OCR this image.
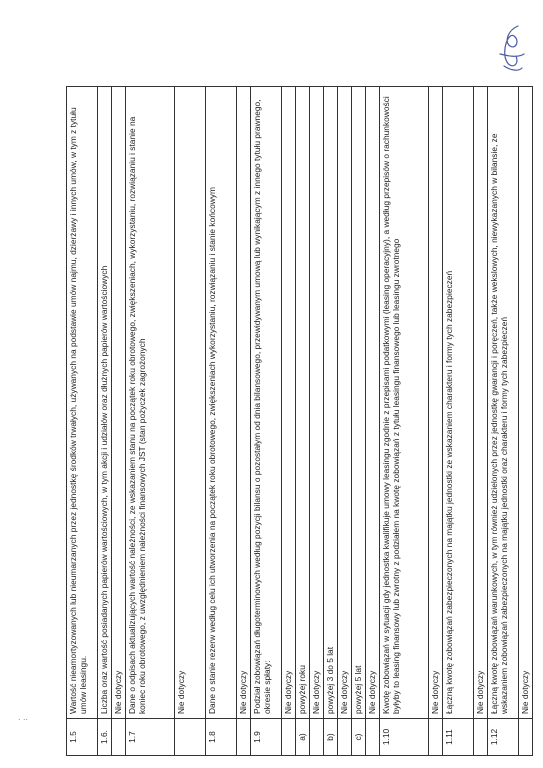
. ..
1.5	Wartość nieamortyzowanych lub nieumarzanych przez jednostkę środków trwałych, używanych na podstawie umów najmu, dzierżawy i innych umów, w tym z tytułu umów leasingu.
1.6.	Liczba oraz wartość posiadanych papierów wartościowych, w tym akcji i udziałów oraz dłużnych papierów wartościowych
	Nie dotyczy
1.7	Dane o odpisach aktualizujących wartość należności, ze wskazaniem stanu na początek roku obrotowego, zwiększeniach, wykorzystaniu, rozwiązaniu i stanie na koniec roku obrotowego, z uwzględnieniem należności finansowych JST (stan pożyczek zagrożonych
	Nie dotyczy
1.8	Dane o stanie rezerw według celu ich utworzenia na początek roku obrotowego, zwiększeniach wykorzystaniu, rozwiązaniu i stanie końcowym
	Nie dotyczy
1.9	Podział zobowiązań długoterminowych według pozycji bilansu o pozostałym od dnia bilansowego, przewidywanym umową lub wynikającym z innego tytułu prawnego, okresie spłaty:
	Nie dotyczy
a)	powyżej roku
	Nie dotyczy
b)	powyżej 3 do 5 lat
	Nie dotyczy
c)	powyżej 5 lat
	Nie dotyczy
1.10	Kwotę zobowiązań w sytuacji gdy jednostka kwalifikuje umowy leasingu zgodnie z przepisami podatkowymi (leasing operacyjny), a według przepisów o rachunkowości byłyby to leasing finansowy lub zwrotny z podziałem na kwotę zobowiązań z tytułu leasingu finansowego lub leasingu zwrotnego
	Nie dotyczy
1.11	Łączną kwotę zobowiązań zabezpieczonych na majątku jednostki ze wskazaniem charakteru i formy tych zabezpieczeń
	Nie dotyczy
1.12	Łączną kwotę zobowiązań warunkowych, w tym również udzielonych przez jednostkę gwarancji i poręczeń, także wekslowych, niewykazanych w bilansie, ze wskazaniem zobowiązań zabezpieczonych na majątku jednostki oraz charakteru i formy tych zabezpieczeń
	Nie dotyczy
